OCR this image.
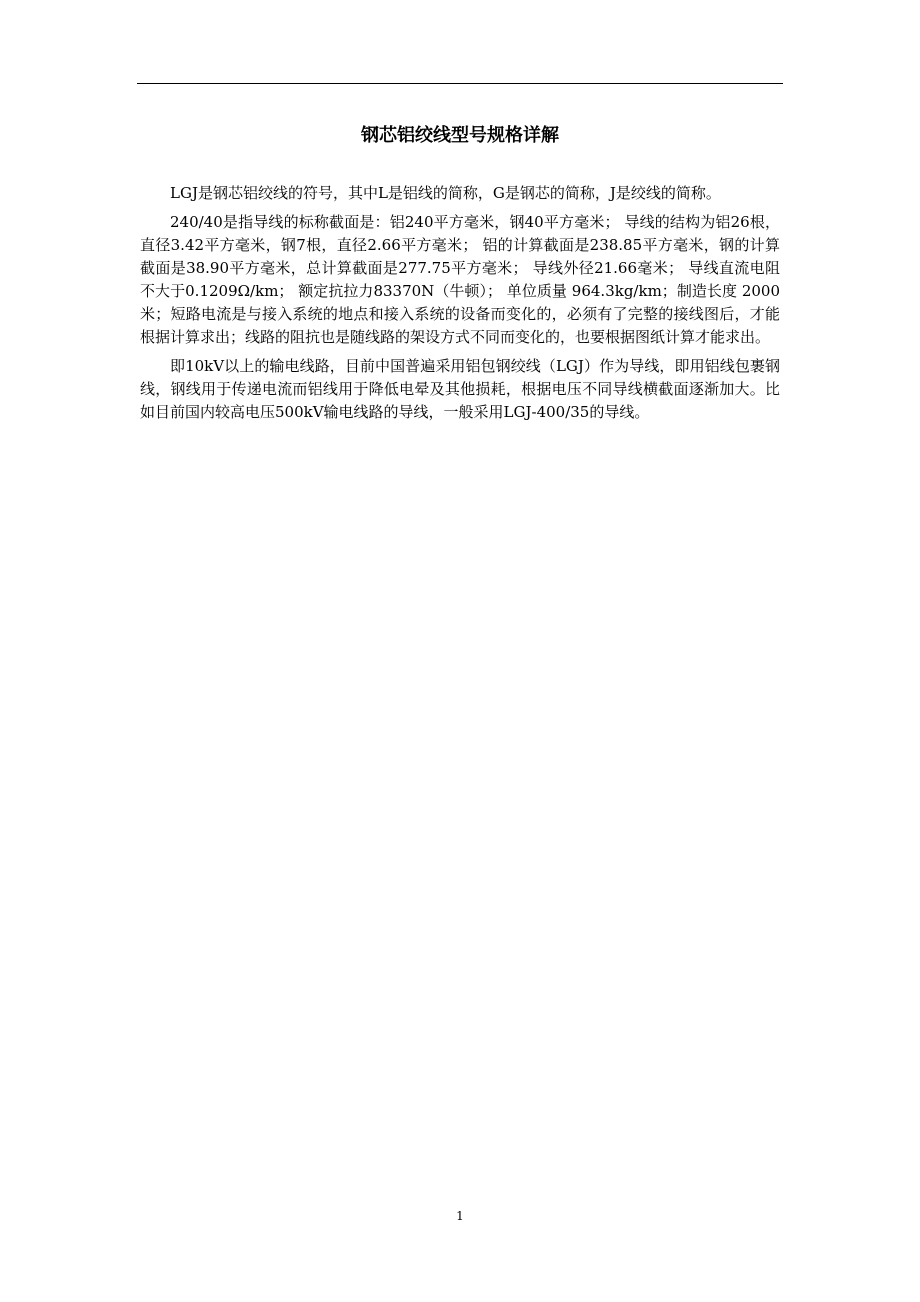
钢芯铝绞线型号规格详解

LGJ是钢芯铝绞线的符号，其中L是铝线的简称，G是钢芯的简称，J是绞线的简称。

240/40是指导线的标称截面是：铝240平方毫米，钢40平方毫米； 导线的结构为铝26根，直径3.42平方毫米，钢7根，直径2.66平方毫米； 铝的计算截面是238.85平方毫米，钢的计算截面是38.90平方毫米，总计算截面是277.75平方毫米； 导线外径21.66毫米； 导线直流电阻不大于0.1209Ω/km； 额定抗拉力83370N（牛顿）； 单位质量 964.3kg/km；制造长度 2000米；短路电流是与接入系统的地点和接入系统的设备而变化的，必须有了完整的接线图后，才能根据计算求出；线路的阻抗也是随线路的架设方式不同而变化的，也要根据图纸计算才能求出。

即10kV以上的输电线路，目前中国普遍采用铝包钢绞线（LGJ）作为导线，即用铝线包裹钢线，钢线用于传递电流而铝线用于降低电晕及其他损耗，根据电压不同导线横截面逐渐加大。比如目前国内较高电压500kV输电线路的导线，一般采用LGJ-400/35的导线。

1
